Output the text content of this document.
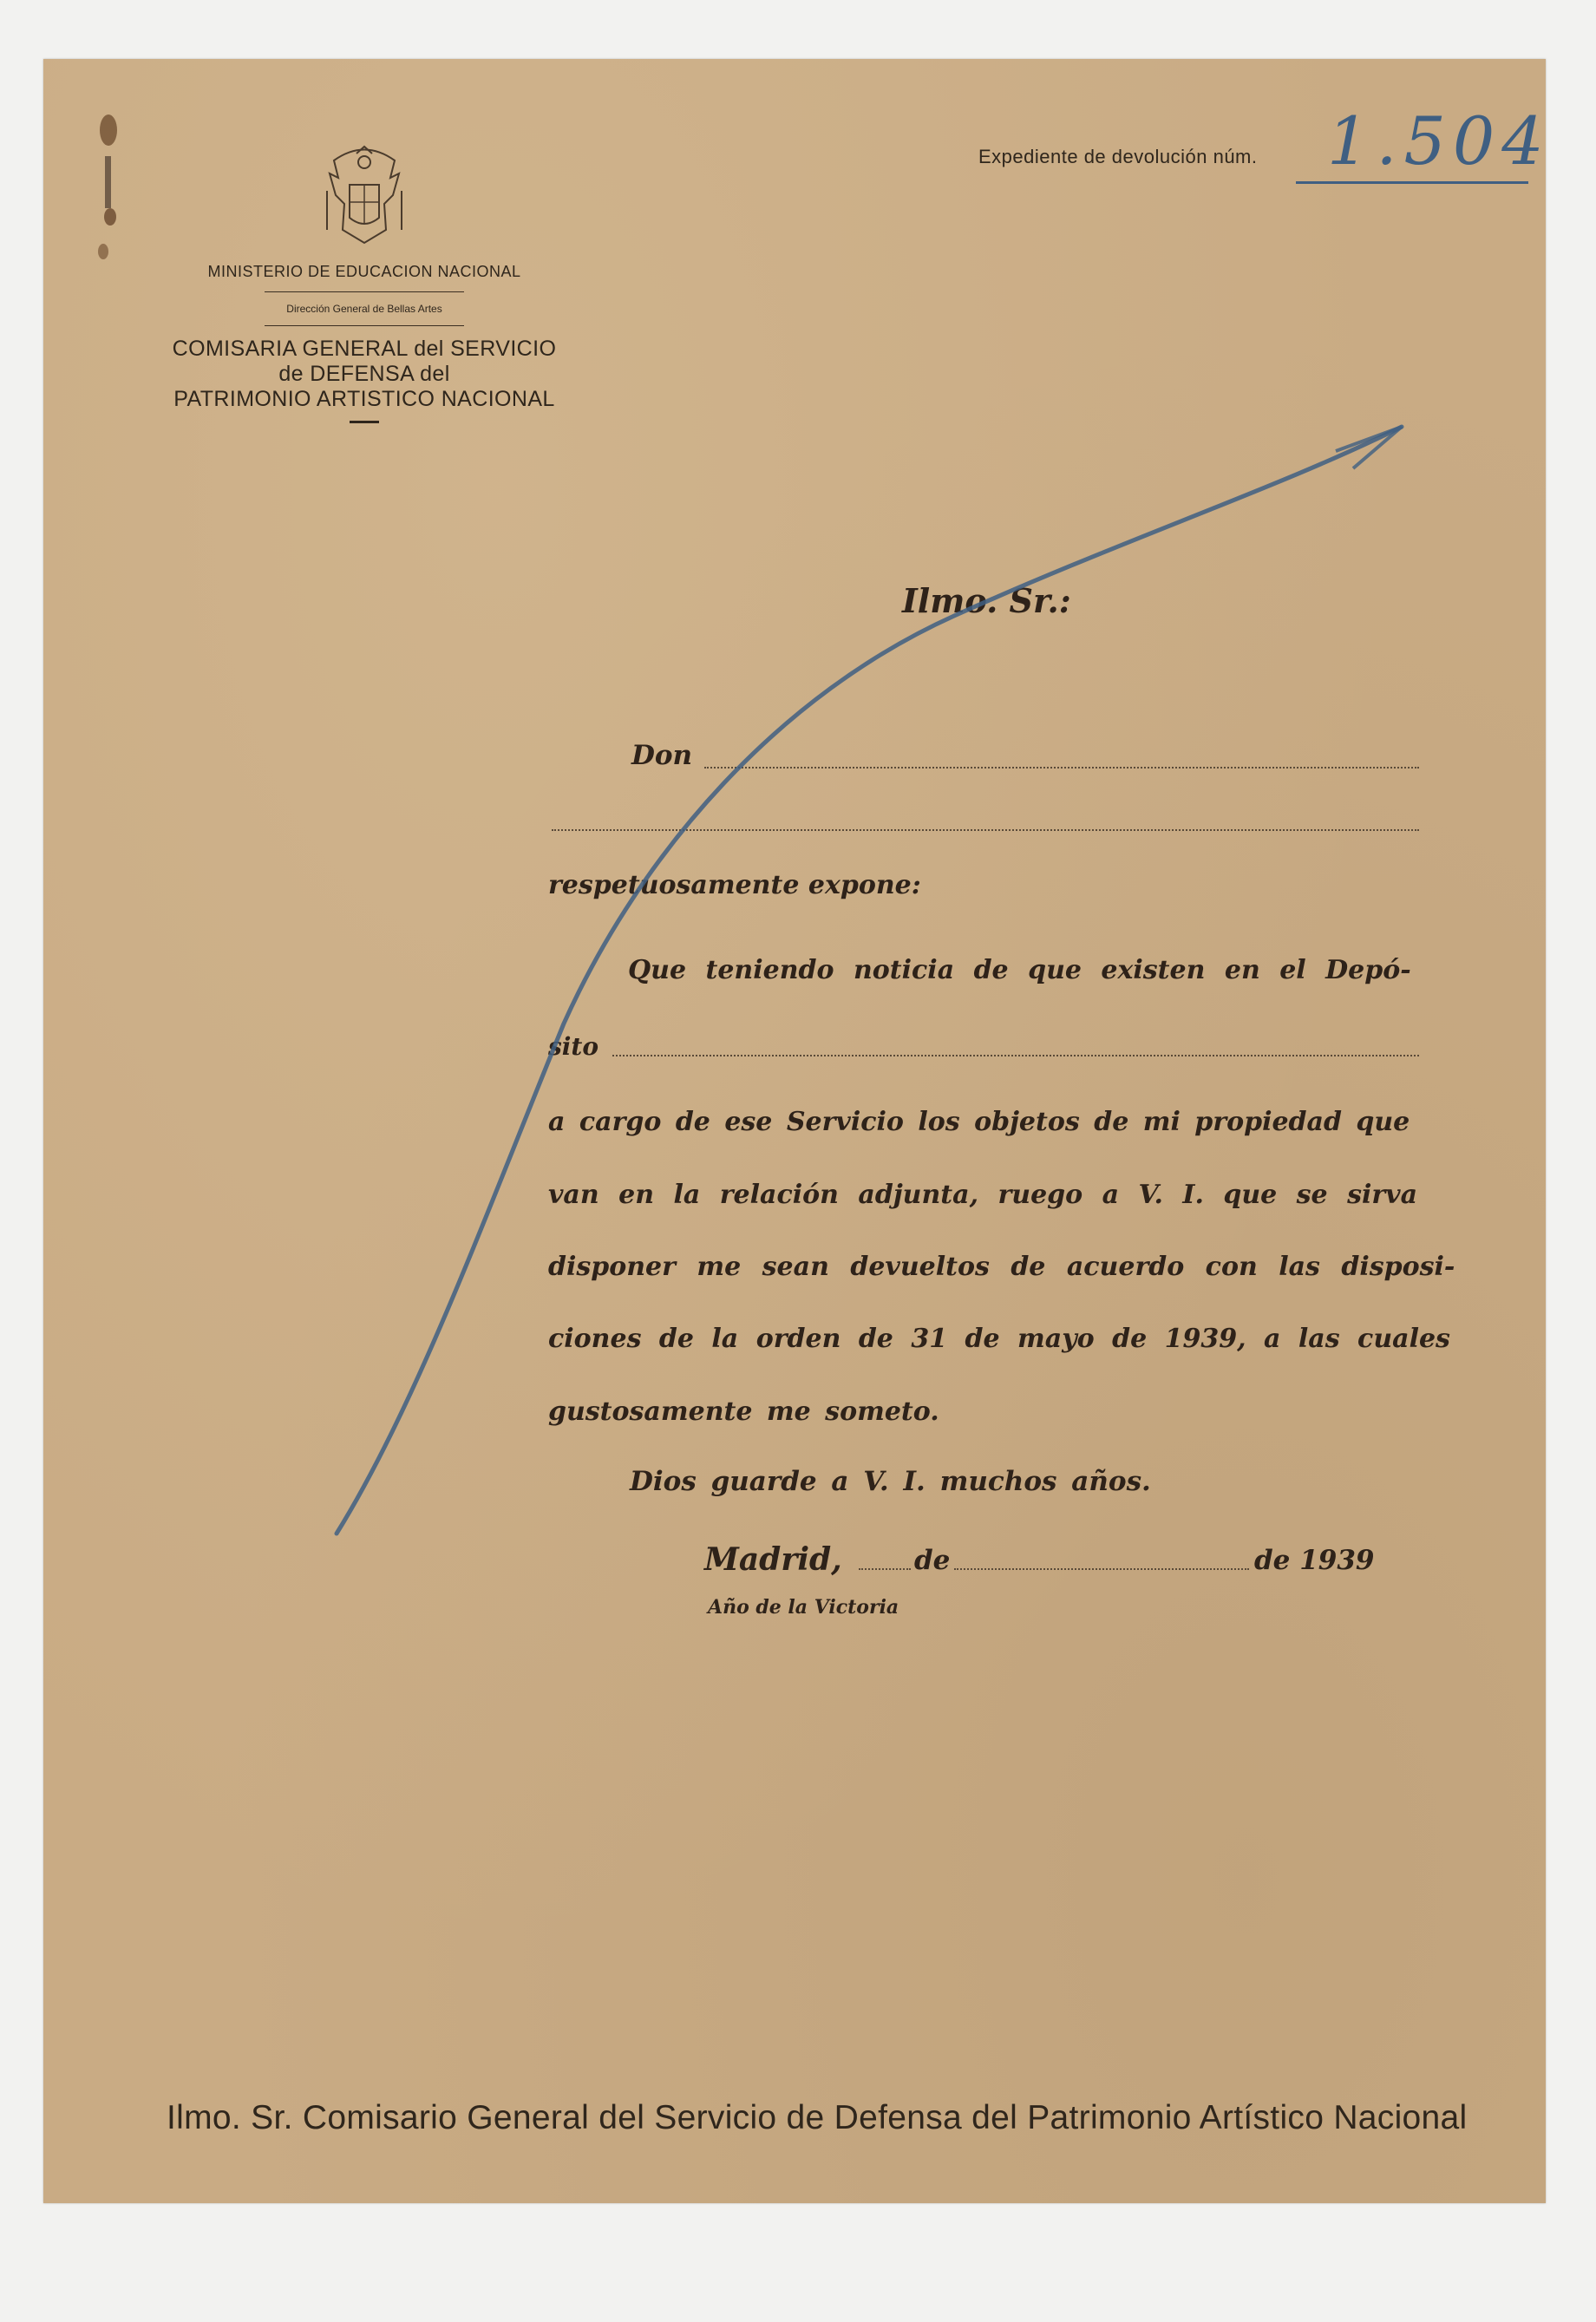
MINISTERIO DE EDUCACION NACIONAL
Dirección General de Bellas Artes
COMISARIA GENERAL del SERVICIO
de DEFENSA del
PATRIMONIO ARTISTICO NACIONAL
Expediente de devolución núm. 1.504
Ilmo. Sr.:
Don
respetuosamente expone:
Que teniendo noticia de que existen en el Depó-
sito
a cargo de ese Servicio los objetos de mi propiedad que
van en la relación adjunta, ruego a V. I. que se sirva
disponer me sean devueltos de acuerdo con las disposi-
ciones de la orden de 31 de mayo de 1939, a las cuales
gustosamente me someto.
Dios guarde a V. I. muchos años.
Madrid,	de	de 1939
Año de la Victoria
Ilmo. Sr. Comisario General del Servicio de Defensa del Patrimonio Artístico Nacional
